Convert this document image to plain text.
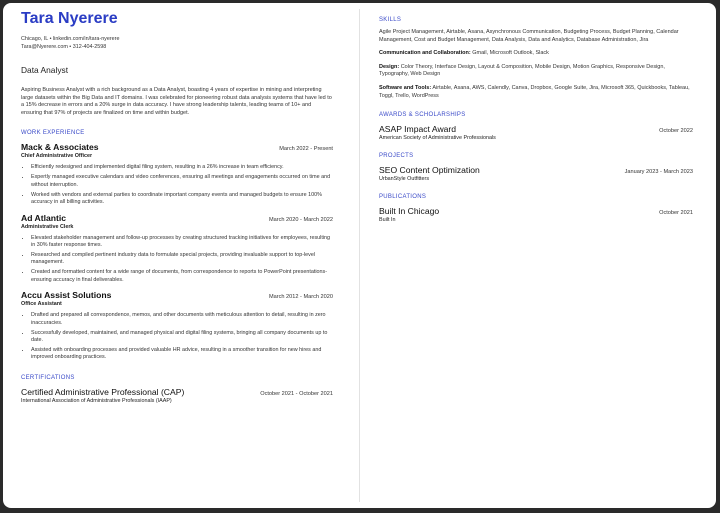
Tara Nyerere
Chicago, IL • linkedin.com/in/tara-nyerere
Tara@Nyerere.com • 312-404-2598
Data Analyst
Aspiring Business Analyst with a rich background as a Data Analyst, boasting 4 years of expertise in mining and interpreting large datasets within the Big Data and IT domains. I was celebrated for pioneering robust data analysis systems that have led to a 15% decrease in errors and a 20% surge in data accuracy. I have strong leadership talents, leading teams of 10+ and ensuring that 97% of projects are finalized on time and within budget.
WORK EXPERIENCE
Mack & Associates	March 2022 - Present
Chief Administrative Officer
• Efficiently redesigned and implemented digital filing system, resulting in a 26% increase in team efficiency.
• Expertly managed executive calendars and video conferences, ensuring all meetings and engagements occurred on time and without interruption.
• Worked with vendors and external parties to coordinate important company events and managed budgets to ensure 100% accuracy in all billing activities.
Ad Atlantic	March 2020 - March 2022
Administrative Clerk
• Elevated stakeholder management and follow-up processes by creating structured tracking initiatives for employees, resulting in 30% faster response times.
• Researched and compiled pertinent industry data to formulate special projects, providing invaluable support to top-level management.
• Created and formatted content for a wide range of documents, from correspondence to reports to PowerPoint presentations-ensuring accuracy in final deliverables.
Accu Assist Solutions	March 2012 - March 2020
Office Assistant
• Drafted and prepared all correspondence, memos, and other documents with meticulous attention to detail, resulting in zero inaccuracies.
• Successfully developed, maintained, and managed physical and digital filing systems, bringing all company documents up to date.
• Assisted with onboarding processes and provided valuable HR advice, resulting in a smoother transition for new hires and improved onboarding practices.
CERTIFICATIONS
Certified Administrative Professional (CAP)	October 2021 - October 2021
International Association of Administrative Professionals (IAAP)
SKILLS
Agile Project Management, Airtable, Asana, Asynchronous Communication, Budgeting Process, Budget Planning, Calendar Management, Cost and Budget Management, Data Analysis, Data and Analytics, Database Administration, Jira
Communication and Collaboration: Gmail, Microsoft Outlook, Slack
Design: Color Theory, Interface Design, Layout & Composition, Mobile Design, Motion Graphics, Responsive Design, Typography, Web Design
Software and Tools: Airtable, Asana, AWS, Calendly, Canva, Dropbox, Google Suite, Jira, Microsoft 365, Quickbooks, Tableau, Toggl, Trello, WordPress
AWARDS & SCHOLARSHIPS
ASAP Impact Award	October 2022
American Society of Administrative Professionals
PROJECTS
SEO Content Optimization	January 2023 - March 2023
UrbanStyle Outfitters
PUBLICATIONS
Built In Chicago	October 2021
Built In
